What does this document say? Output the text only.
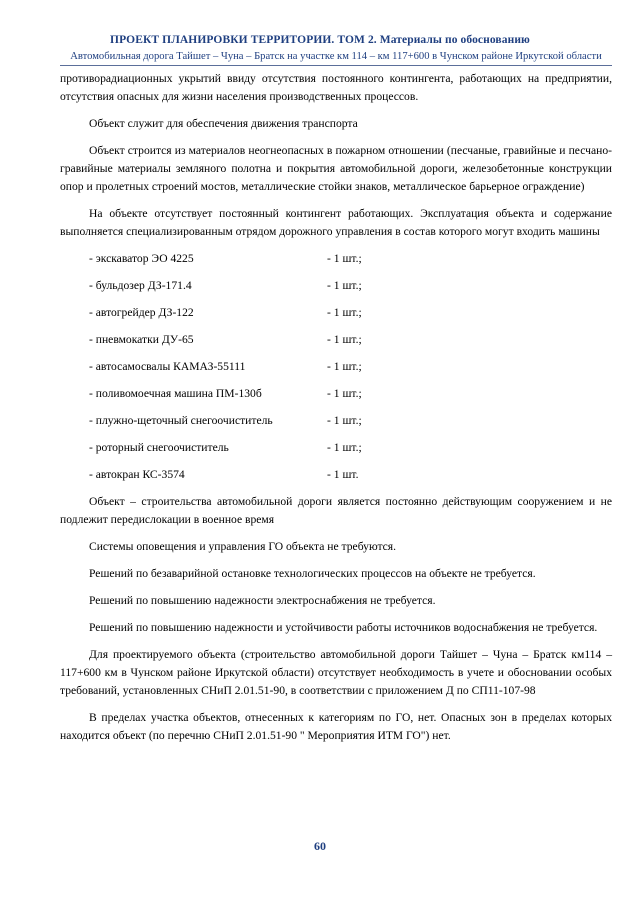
ПРОЕКТ ПЛАНИРОВКИ ТЕРРИТОРИИ. ТОМ 2. Материалы по обоснованию
Автомобильная дорога Тайшет – Чуна – Братск на участке км 114 – км 117+600 в Чунском районе Иркутской области

противорадиационных укрытий ввиду отсутствия постоянного контингента, работающих на предприятии, отсутствия опасных для жизни населения производственных процессов.

Объект служит для обеспечения движения транспорта

Объект строится из материалов неогнеопасных в пожарном отношении (песчаные, гравийные и песчано-гравийные материалы земляного полотна и покрытия автомобильной дороги, железобетонные конструкции опор и пролетных строений мостов, металлические стойки знаков, металлическое барьерное ограждение)

На объекте отсутствует постоянный контингент работающих. Эксплуатация объекта и содержание выполняется специализированным отрядом дорожного управления в состав которого могут входить машины

- экскаватор ЭО 4225	- 1 шт.;
- бульдозер ДЗ-171.4	- 1 шт.;
- автогрейдер ДЗ-122	- 1 шт.;
- пневмокатки ДУ-65	- 1 шт.;
- автосамосвалы КАМАЗ-55111	- 1 шт.;
- поливомоечная машина ПМ-130б	- 1 шт.;
- плужно-щеточный снегоочиститель	- 1 шт.;
- роторный снегоочиститель	- 1 шт.;
- автокран КС-3574	- 1 шт.

Объект – строительства автомобильной дороги является постоянно действующим сооружением и не подлежит передислокации в военное время

Системы оповещения и управления ГО объекта не требуются.

Решений по безаварийной остановке технологических процессов на объекте не требуется.

Решений по повышению надежности электроснабжения не требуется.

Решений по повышению надежности и устойчивости работы источников водоснабжения не требуется.

Для проектируемого объекта (строительство автомобильной дороги Тайшет – Чуна – Братск км114 – 117+600 км в Чунском районе Иркутской области) отсутствует необходимость в учете и обосновании особых требований, установленных СНиП 2.01.51-90, в соответствии с приложением Д по СП11-107-98

В пределах участка объектов, отнесенных к категориям по ГО, нет. Опасных зон в пределах которых находится объект (по перечню СНиП 2.01.51-90 " Мероприятия ИТМ ГО") нет.

60
